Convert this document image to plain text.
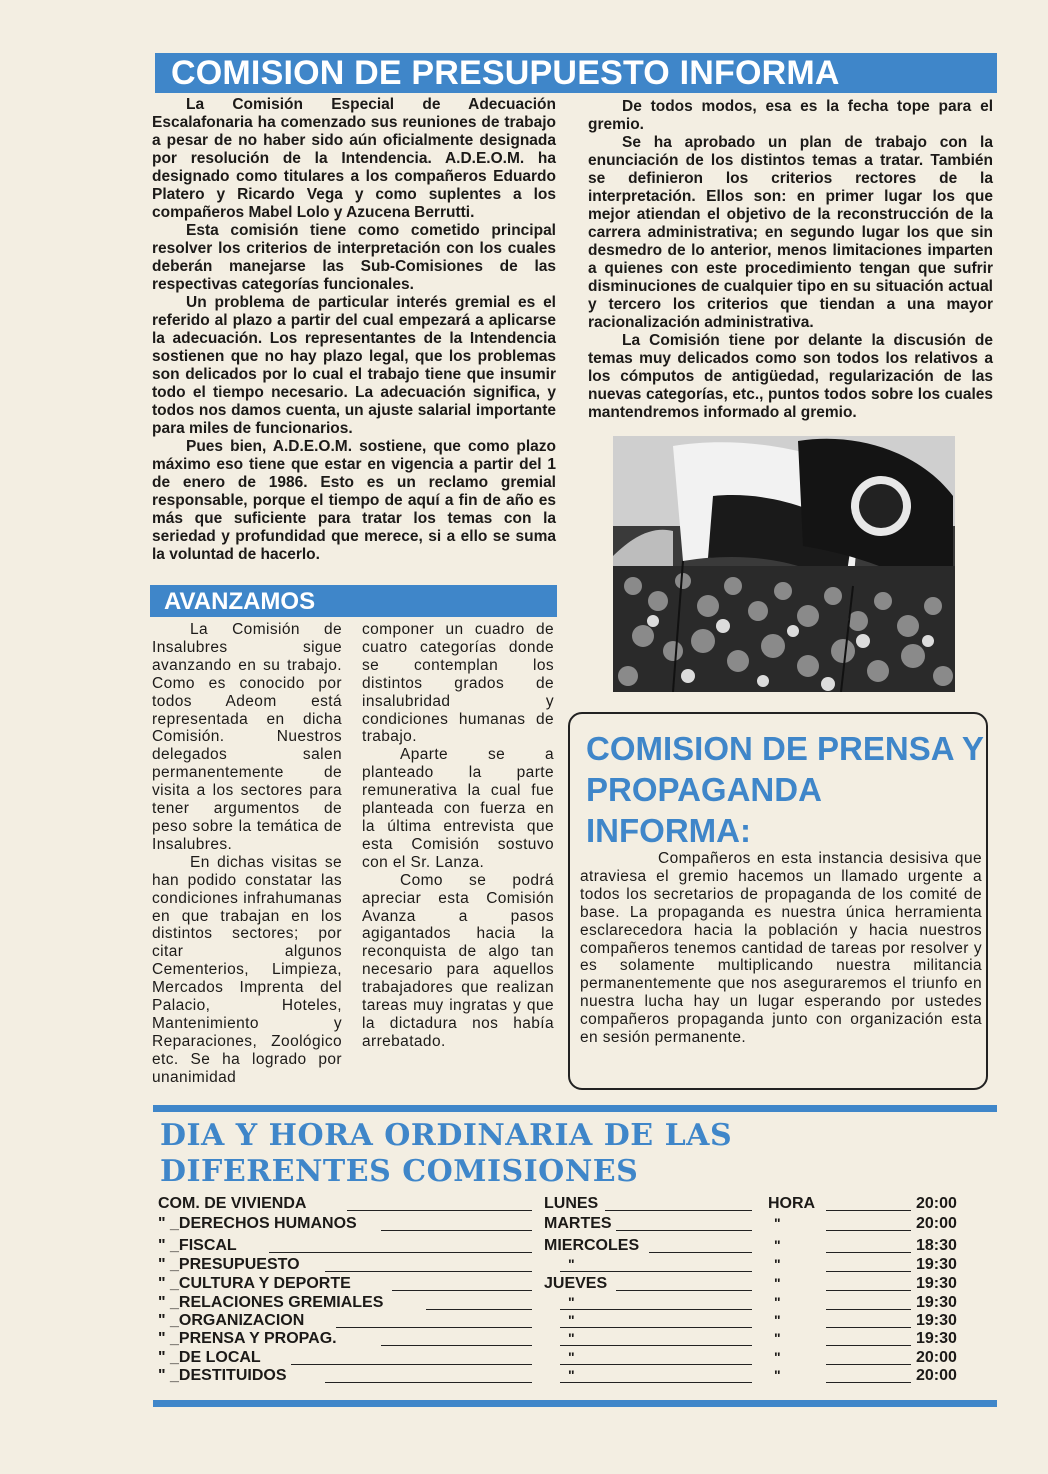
COMISION DE PRESUPUESTO INFORMA

La Comisión Especial de Adecuación Escalafonaria ha comenzado sus reuniones de trabajo a pesar de no haber sido aún oficialmente designada por resolución de la Intendencia. A.D.E.O.M. ha designado como titulares a los compañeros Eduardo Platero y Ricardo Vega y como suplentes a los compañeros Mabel Lolo y Azucena Berrutti.

Esta comisión tiene como cometido principal resolver los criterios de interpretación con los cuales deberán manejarse las Sub-Comisiones de las respectivas categorías funcionales.

Un problema de particular interés gremial es el referido al plazo a partir del cual empezará a aplicarse la adecuación. Los representantes de la Intendencia sostienen que no hay plazo legal, que los problemas son delicados por lo cual el trabajo tiene que insumir todo el tiempo necesario. La adecuación significa, y todos nos damos cuenta, un ajuste salarial importante para miles de funcionarios.

Pues bien, A.D.E.O.M. sostiene, que como plazo máximo eso tiene que estar en vigencia a partir del 1 de enero de 1986. Esto es un reclamo gremial responsable, porque el tiempo de aquí a fin de año es más que suficiente para tratar los temas con la seriedad y profundidad que merece, si a ello se suma la voluntad de hacerlo.

De todos modos, esa es la fecha tope para el gremio.

Se ha aprobado un plan de trabajo con la enunciación de los distintos temas a tratar. También se definieron los criterios rectores de la interpretación. Ellos son: en primer lugar los que mejor atiendan el objetivo de la reconstrucción de la carrera administrativa; en segundo lugar los que sin desmedro de lo anterior, menos limitaciones imparten a quienes con este procedimiento tengan que sufrir disminuciones de cualquier tipo en su situación actual y tercero los criterios que tiendan a una mayor racionalización administrativa.

La Comisión tiene por delante la discusión de temas muy delicados como son todos los relativos a los cómputos de antigüedad, regularización de las nuevas categorías, etc., puntos todos sobre los cuales mantendremos informado al gremio.

AVANZAMOS

La Comisión de Insalubres sigue avanzando en su trabajo. Como es conocido por todos Adeom está representada en dicha Comisión. Nuestros delegados salen permanentemente de visita a los sectores para tener argumentos de peso sobre la temática de Insalubres.

En dichas visitas se han podido constatar las condiciones infrahumanas en que trabajan en los distintos sectores; por citar algunos Cementerios, Limpieza, Mercados Imprenta del Palacio, Hoteles, Mantenimiento y Reparaciones, Zoológico etc. Se ha logrado por unanimidad

componer un cuadro de cuatro categorías donde se contemplan los distintos grados de insalubridad y condiciones humanas de trabajo.

Aparte se a planteado la parte remunerativa la cual fue planteada con fuerza en la última entrevista que esta Comisión sostuvo con el Sr. Lanza.

Como se podrá apreciar esta Comisión Avanza a pasos agigantados hacia la reconquista de algo tan necesario para aquellos trabajadores que realizan tareas muy ingratas y que la dictadura nos había arrebatado.

COMISION DE PRENSA Y PROPAGANDA INFORMA:

Compañeros en esta instancia desisiva que atraviesa el gremio hacemos un llamado urgente a todos los secretarios de propaganda de los comité de base. La propaganda es nuestra única herramienta esclarecedora hacia la población y hacia nuestros compañeros tenemos cantidad de tareas por resolver y es solamente multiplicando nuestra militancia permanentemente que nos aseguraremos el triunfo en nuestra lucha hay un lugar esperando por ustedes compañeros propaganda junto con organización esta en sesión permanente.

DIA Y HORA ORDINARIA DE LAS DIFERENTES COMISIONES
COM. DE VIVIENDA	LUNES	HORA	20:00
" _DERECHOS HUMANOS	MARTES	"	20:00
" _FISCAL	MIERCOLES	"	18:30
" _PRESUPUESTO	"	"	19:30
" _CULTURA Y DEPORTE	JUEVES	"	19:30
" _RELACIONES GREMIALES	"	"	19:30
" _ORGANIZACION	"	"	19:30
" _PRENSA Y PROPAG.	"	"	19:30
" _DE LOCAL	"	"	20:00
" _DESTITUIDOS	"	"	20:00
